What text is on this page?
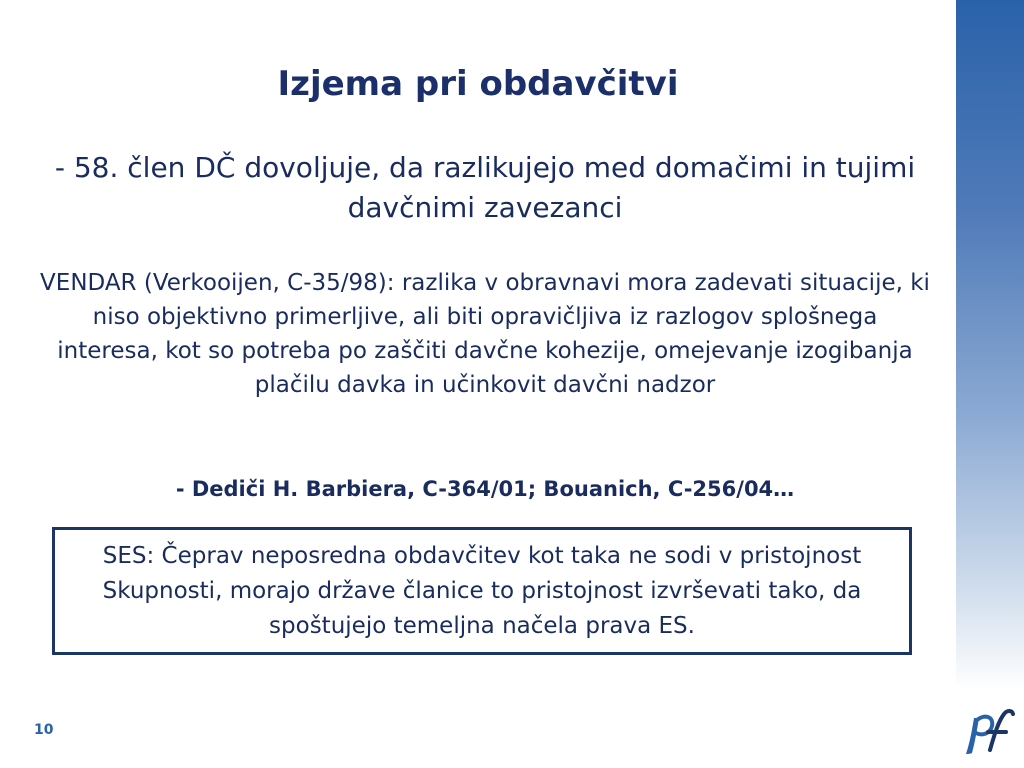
Izjema pri obdavčitvi

- 58. člen DČ dovoljuje, da razlikujejo med domačimi in tujimi davčnimi zavezanci

VENDAR (Verkooijen, C-35/98): razlika v obravnavi mora zadevati situacije, ki niso objektivno primerljive, ali biti opravičljiva iz razlogov splošnega interesa, kot so potreba po zaščiti davčne kohezije, omejevanje izogibanja plačilu davka in učinkovit davčni nadzor

- Dediči H. Barbiera, C-364/01; Bouanich, C-256/04…

SES: Čeprav neposredna obdavčitev kot taka ne sodi v pristojnost Skupnosti, morajo države članice to pristojnost izvrševati tako, da spoštujejo temeljna načela prava ES.
10
